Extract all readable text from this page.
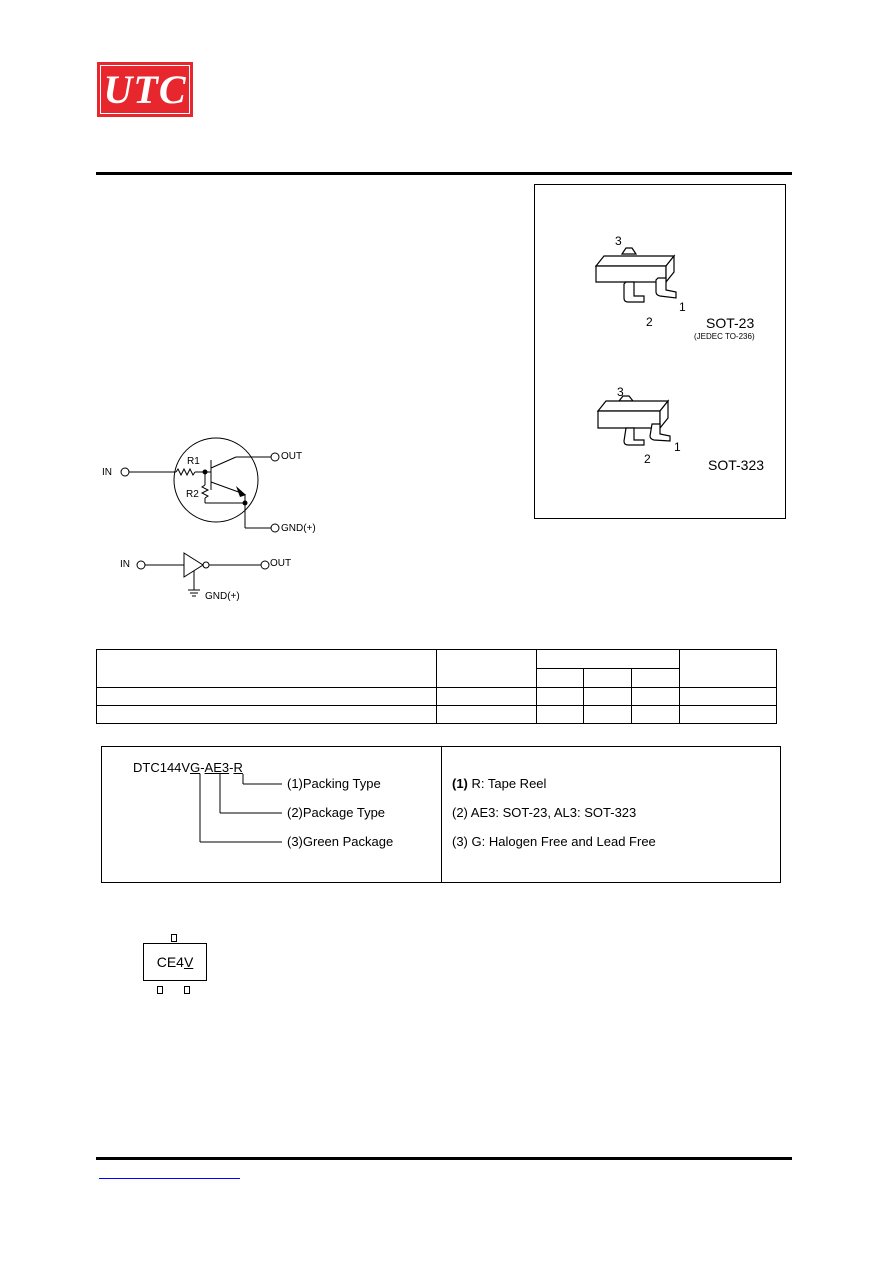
UTC
3
1
2	SOT-23
(JEDEC TO-236)
3
1
2	SOT-323
IN
R1
R2
OUT
GND(+)
IN	OUT
GND(+)

DTC144VG-AE3-R
(1)Packing Type
(2)Package Type
(3)Green Package
(1) R: Tape Reel
(2) AE3: SOT-23, AL3: SOT-323
(3) G: Halogen Free and Lead Free
CE4 V
